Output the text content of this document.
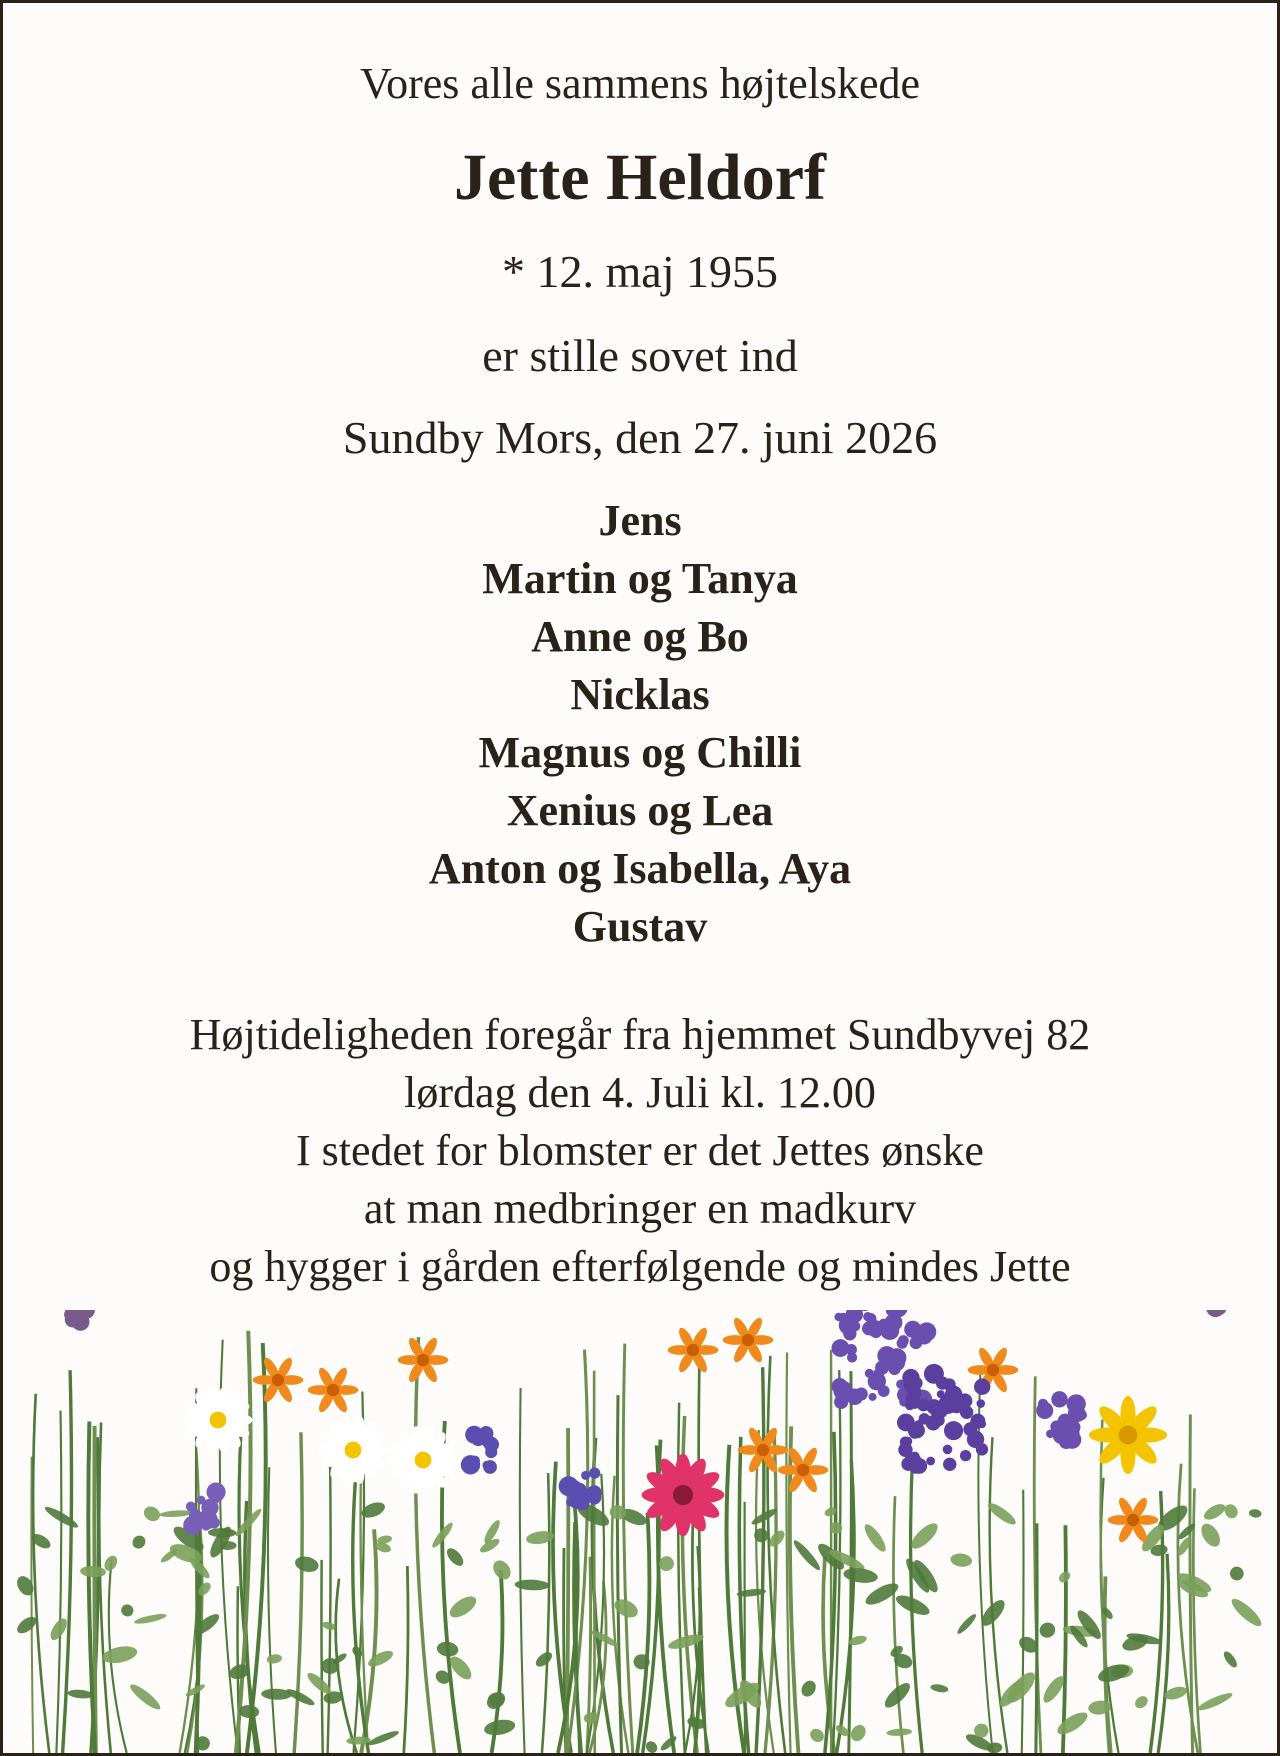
Vores alle sammens højtelskede
Jette Heldorf
* 12. maj 1955
er stille sovet ind
Sundby Mors, den 27. juni 2026
Jens
Martin og Tanya
Anne og Bo
Nicklas
Magnus og Chilli
Xenius og Lea
Anton og Isabella, Aya
Gustav
Højtideligheden foregår fra hjemmet Sundbyvej 82
lørdag den 4. Juli kl. 12.00
I stedet for blomster er det Jettes ønske
at man medbringer en madkurv
og hygger i gården efterfølgende og mindes Jette
